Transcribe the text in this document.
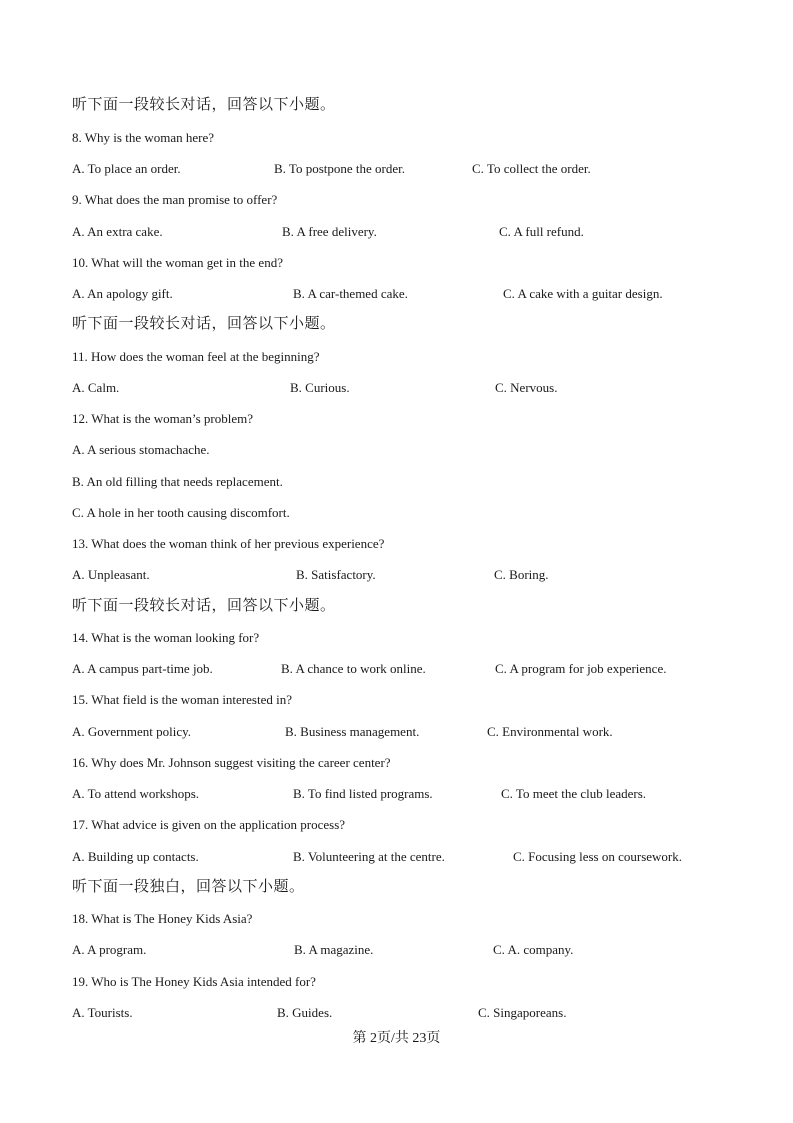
听下面一段较长对话，回答以下小题。
8. Why is the woman here?
A. To place an order.	B. To postpone the order.	C. To collect the order.
9. What does the man promise to offer?
A. An extra cake.	B. A free delivery.	C. A full refund.
10. What will the woman get in the end?
A. An apology gift.	B. A car-themed cake.	C. A cake with a guitar design.
听下面一段较长对话，回答以下小题。
11. How does the woman feel at the beginning?
A. Calm.	B. Curious.	C. Nervous.
12. What is the woman’s problem?
A. A serious stomachache.
B. An old filling that needs replacement.
C. A hole in her tooth causing discomfort.
13. What does the woman think of her previous experience?
A. Unpleasant.	B. Satisfactory.	C. Boring.
听下面一段较长对话，回答以下小题。
14. What is the woman looking for?
A. A campus part-time job.	B. A chance to work online.	C. A program for job experience.
15. What field is the woman interested in?
A. Government policy.	B. Business management.	C. Environmental work.
16. Why does Mr. Johnson suggest visiting the career center?
A. To attend workshops.	B. To find listed programs.	C. To meet the club leaders.
17. What advice is given on the application process?
A. Building up contacts.	B. Volunteering at the centre.	C. Focusing less on coursework.
听下面一段独白，回答以下小题。
18. What is The Honey Kids Asia?
A. A program.	B. A magazine.	C. A. company.
19. Who is The Honey Kids Asia intended for?
A. Tourists.	B. Guides.	C. Singaporeans.
第 2页/共 23页
